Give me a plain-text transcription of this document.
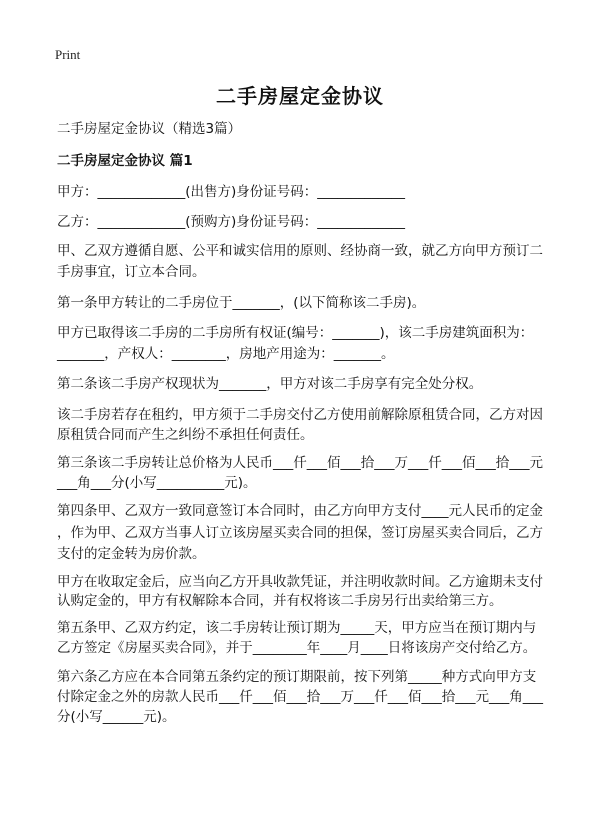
Print
二手房屋定金协议
二手房屋定金协议（精选3篇）
二手房屋定金协议 篇1
甲方：_____________(出售方)身份证号码：_____________
乙方：_____________(预购方)身份证号码：_____________
甲、乙双方遵循自愿、公平和诚实信用的原则、经协商一致，就乙方向甲方预订二
手房事宜，订立本合同。
第一条甲方转让的二手房位于_______，(以下简称该二手房)。
甲方已取得该二手房的二手房所有权证(编号：_______)，该二手房建筑面积为：
_______，产权人：________，房地产用途为：_______。
第二条该二手房产权现状为_______，甲方对该二手房享有完全处分权。
该二手房若存在租约，甲方须于二手房交付乙方使用前解除原租赁合同，乙方对因
原租赁合同而产生之纠纷不承担任何责任。
第三条该二手房转让总价格为人民币___仟___佰___拾___万___仟___佰___拾___元
___角___分(小写__________元)。
第四条甲、乙双方一致同意签订本合同时，由乙方向甲方支付____元人民币的定金
，作为甲、乙双方当事人订立该房屋买卖合同的担保，签订房屋买卖合同后，乙方
支付的定金转为房价款。
甲方在收取定金后，应当向乙方开具收款凭证，并注明收款时间。乙方逾期未支付
认购定金的，甲方有权解除本合同，并有权将该二手房另行出卖给第三方。
第五条甲、乙双方约定，该二手房转让预订期为_____天，甲方应当在预订期内与
乙方签定《房屋买卖合同》，并于________年____月____日将该房产交付给乙方。
第六条乙方应在本合同第五条约定的预订期限前，按下列第_____种方式向甲方支
付除定金之外的房款人民币___仟___佰___拾___万___仟___佰___拾___元___角___
分(小写______元)。
